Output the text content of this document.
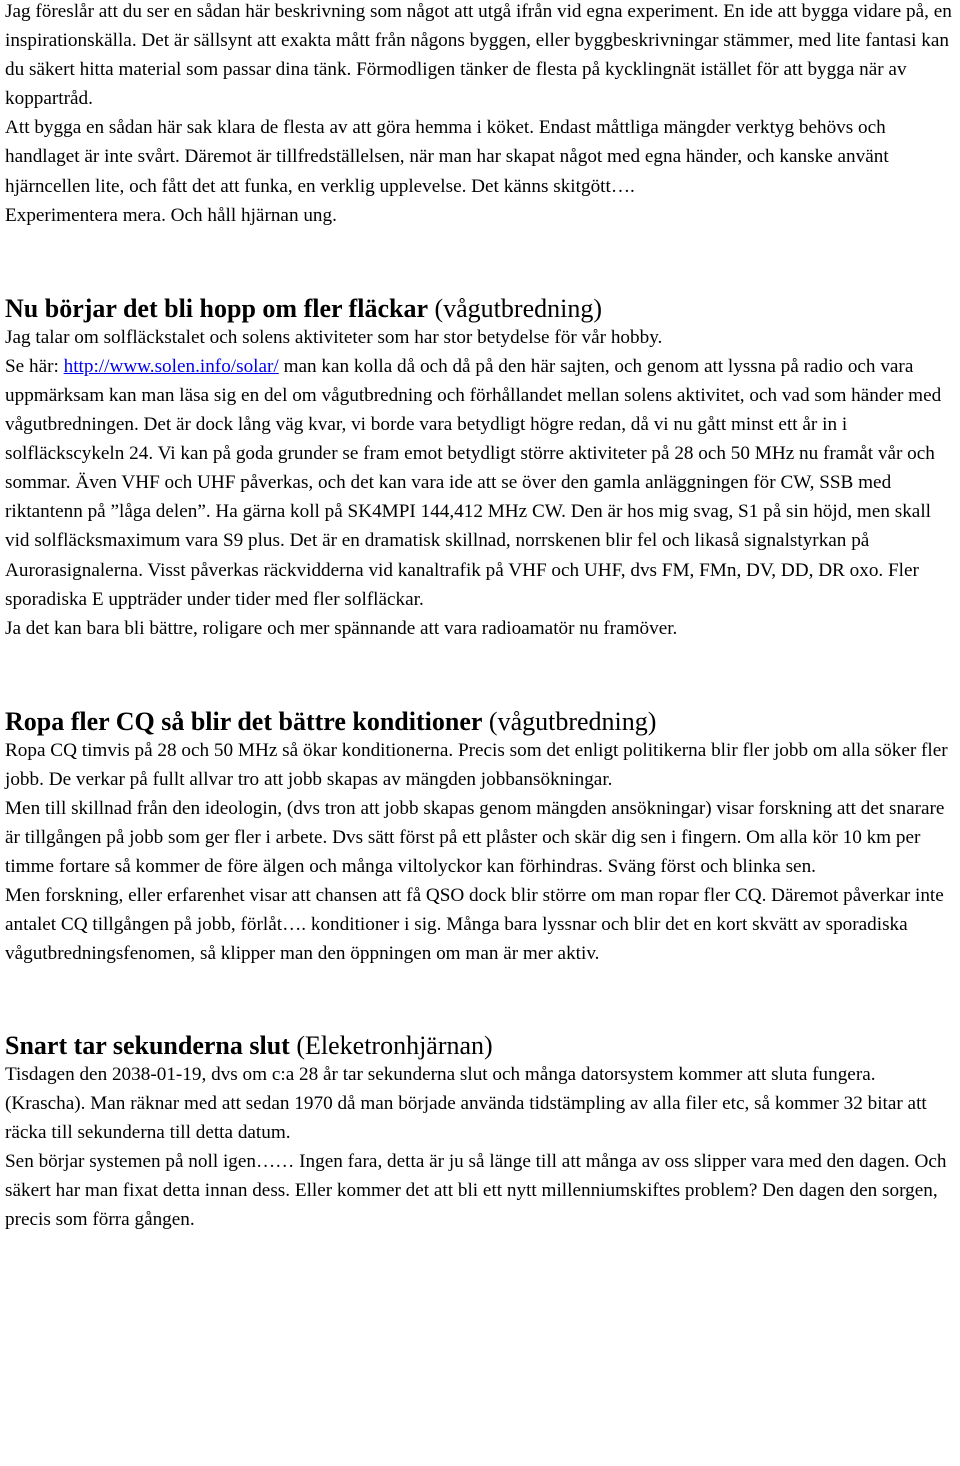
Jag föreslår att du ser en sådan här beskrivning som något att utgå ifrån vid egna experiment. En ide att bygga vidare på, en inspirationskälla. Det är sällsynt att exakta mått från någons byggen, eller byggbeskrivningar stämmer, med lite fantasi kan du säkert hitta material som passar dina tänk. Förmodligen tänker de flesta på kycklingnät istället för att bygga när av koppartråd.

Att bygga en sådan här sak klara de flesta av att göra hemma i köket. Endast måttliga mängder verktyg behövs och handlaget är inte svårt. Däremot är tillfredställelsen, när man har skapat något med egna händer, och kanske använt hjärncellen lite, och fått det att funka, en verklig upplevelse. Det känns skitgött….

Experimentera mera. Och håll hjärnan ung.

Nu börjar det bli hopp om fler fläckar (vågutbredning)

Jag talar om solfläckstalet och solens aktiviteter som har stor betydelse för vår hobby.

Se här: http://www.solen.info/solar/ man kan kolla då och då på den här sajten, och genom att lyssna på radio och vara uppmärksam kan man läsa sig en del om vågutbredning och förhållandet mellan solens aktivitet, och vad som händer med vågutbredningen. Det är dock lång väg kvar, vi borde vara betydligt högre redan, då vi nu gått minst ett år in i solfläckscykeln 24. Vi kan på goda grunder se fram emot betydligt större aktiviteter på 28 och 50 MHz nu framåt vår och sommar. Även VHF och UHF påverkas, och det kan vara ide att se över den gamla anläggningen för CW, SSB med riktantenn på ”låga delen”. Ha gärna koll på SK4MPI 144,412 MHz CW. Den är hos mig svag, S1 på sin höjd, men skall vid solfläcksmaximum vara S9 plus. Det är en dramatisk skillnad, norrskenen blir fel och likaså signalstyrkan på Aurorasignalerna. Visst påverkas räckvidderna vid kanaltrafik på VHF och UHF, dvs FM, FMn, DV, DD, DR oxo. Fler sporadiska E uppträder under tider med fler solfläckar.

Ja det kan bara bli bättre, roligare och mer spännande att vara radioamatör nu framöver.

Ropa fler CQ så blir det bättre konditioner (vågutbredning)

Ropa CQ timvis på 28 och 50 MHz så ökar konditionerna. Precis som det enligt politikerna blir fler jobb om alla söker fler jobb. De verkar på fullt allvar tro att jobb skapas av mängden jobbansökningar.

Men till skillnad från den ideologin, (dvs tron att jobb skapas genom mängden ansökningar) visar forskning att det snarare är tillgången på jobb som ger fler i arbete. Dvs sätt först på ett plåster och skär dig sen i fingern. Om alla kör 10 km per timme fortare så kommer de före älgen och många viltolyckor kan förhindras. Sväng först och blinka sen.

Men forskning, eller erfarenhet visar att chansen att få QSO dock blir större om man ropar fler CQ. Däremot påverkar inte antalet CQ tillgången på jobb, förlåt…. konditioner i sig. Många bara lyssnar och blir det en kort skvätt av sporadiska vågutbredningsfenomen, så klipper man den öppningen om man är mer aktiv.

Snart tar sekunderna slut (Eleketronhjärnan)

Tisdagen den 2038-01-19, dvs om c:a 28 år tar sekunderna slut och många datorsystem kommer att sluta fungera. (Krascha). Man räknar med att sedan 1970 då man började använda tidstämpling av alla filer etc, så kommer 32 bitar att räcka till sekunderna till detta datum.

Sen börjar systemen på noll igen…… Ingen fara, detta är ju så länge till att många av oss slipper vara med den dagen. Och säkert har man fixat detta innan dess. Eller kommer det att bli ett nytt millenniumskiftes problem? Den dagen den sorgen, precis som förra gången.
